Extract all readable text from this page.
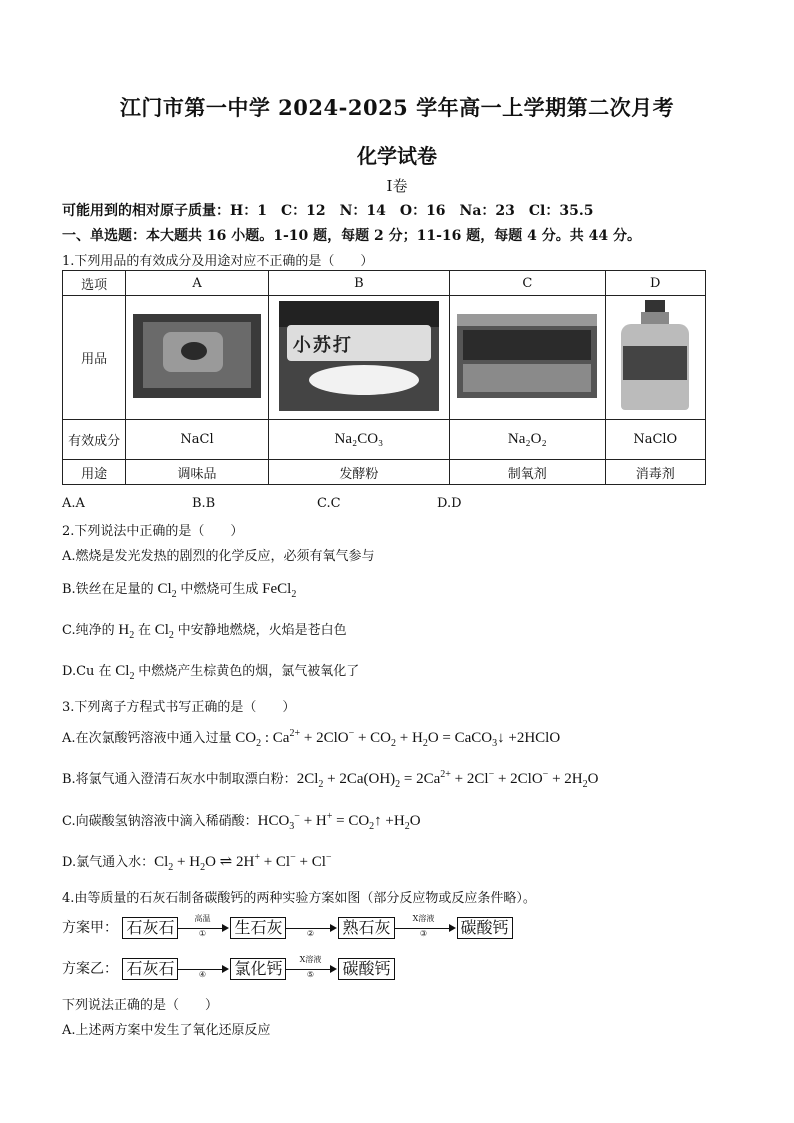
江门市第一中学 2024-2025 学年高一上学期第二次月考
化学试卷
Ⅰ卷
可能用到的相对原子质量：H：1　C：12　N：14　O：16　Na：23　Cl：35.5
一、单选题：本大题共 16 小题。1-10 题，每题 2 分；11-16 题，每题 4 分。共 44 分。
1.下列用品的有效成分及用途对应不正确的是（　　）
选项	A	B	C	D
用品		小苏打		

有效成分	NaCl	Na₂CO₃	Na₂O₂	NaClO
用途	调味品	发酵粉	制氧剂	消毒剂
A.A	B.B	C.C	D.D
2.下列说法中正确的是（　　）
A.燃烧是发光发热的剧烈的化学反应，必须有氧气参与
B.铁丝在足量的 $Cl_2$ 中燃烧可生成 FeCl$_2$
C.纯净的 $H_2$ 在 $Cl_2$ 中安静地燃烧，火焰是苍白色
D.Cu 在 $Cl_2$ 中燃烧产生棕黄色的烟，氯气被氧化了
3.下列离子方程式书写正确的是（　　）
A.在次氯酸钙溶液中通入过量 $CO_2$ : $Ca^{2+} + 2ClO^- + CO_2 + H_2O$ = CaCO$_3$↓ +2HClO
B.将氯气通入澄清石灰水中制取漂白粉：$2Cl_2 + 2Ca(OH)_2 = 2Ca^{2+} + 2Cl^- + 2ClO^- + 2H_2O$
C.向碳酸氢钠溶液中滴入稀硝酸：$HCO_3^- + H^+$ = $CO_2↑ +H_2O$
D.氯气通入水：$Cl_2 + H_2O$ ⇌ 2H+ + Cl− + Cl−
4.由等质量的石灰石制备碳酸钙的两种实验方案如图（部分反应物或反应条件略）。
方案甲： 石灰石	高温
①	生石灰	②	熟石灰	X溶液
③	碳酸钙
方案乙： 石灰石	④	氯化钙	X溶液
⑤	碳酸钙
下列说法正确的是（　　）
A.上述两方案中发生了氧化还原反应
